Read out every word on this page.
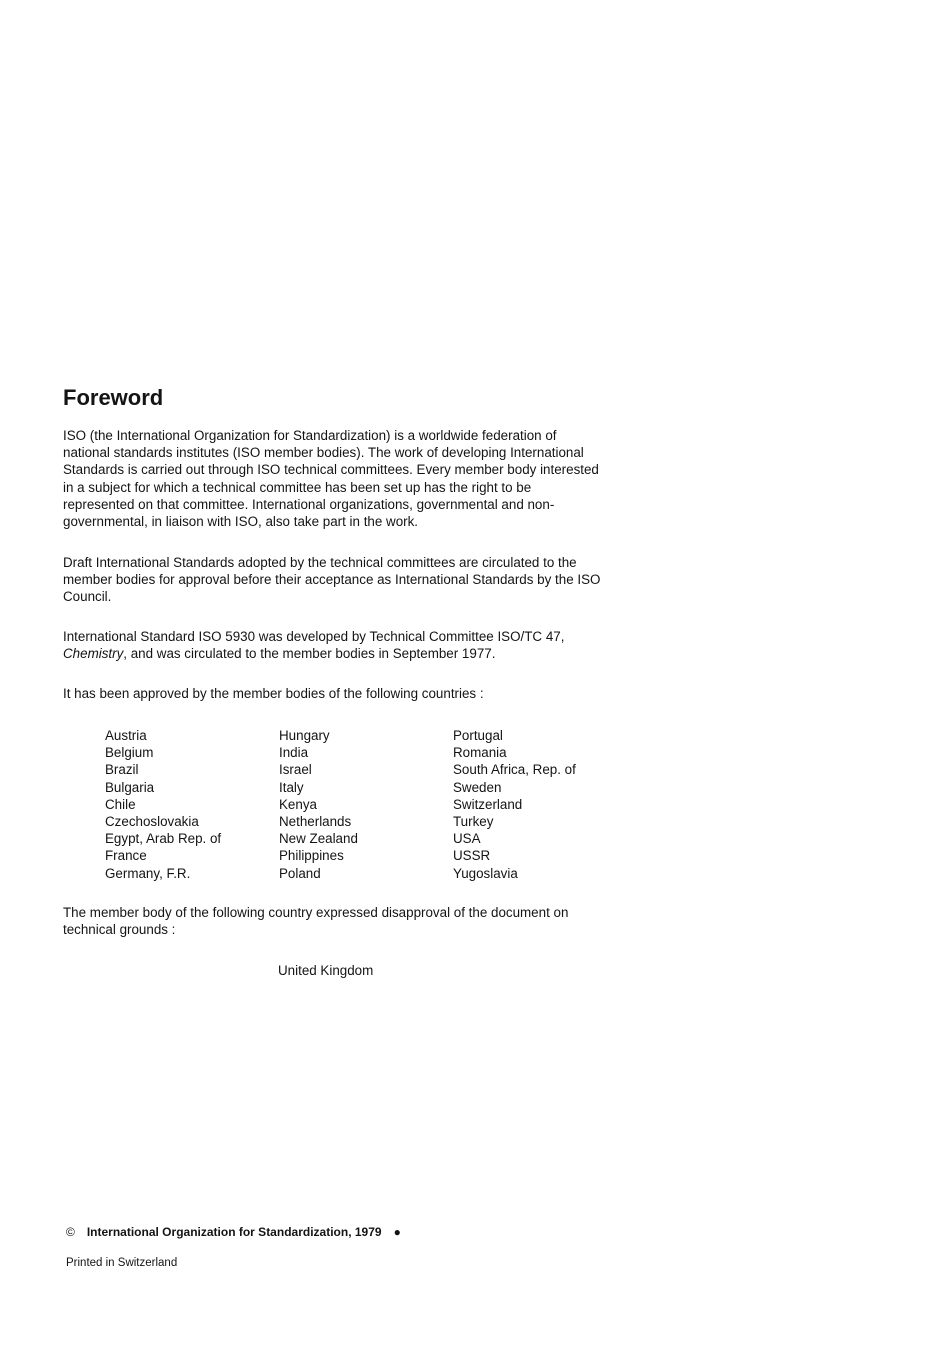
Foreword

ISO (the International Organization for Standardization) is a worldwide federation of national standards institutes (ISO member bodies). The work of developing International Standards is carried out through ISO technical committees. Every member body interested in a subject for which a technical committee has been set up has the right to be represented on that committee. International organizations, governmental and non-governmental, in liaison with ISO, also take part in the work.

Draft International Standards adopted by the technical committees are circulated to the member bodies for approval before their acceptance as International Standards by the ISO Council.

International Standard ISO 5930 was developed by Technical Committee ISO/TC 47,
Chemistry, and was circulated to the member bodies in September 1977.

It has been approved by the member bodies of the following countries :

Austria
Belgium
Brazil
Bulgaria
Chile
Czechoslovakia
Egypt, Arab Rep. of
France
Germany, F.R.
Hungary
India
Israel
Italy
Kenya
Netherlands
New Zealand
Philippines
Poland
Portugal
Romania
South Africa, Rep. of
Sweden
Switzerland
Turkey
USA
USSR
Yugoslavia

The member body of the following country expressed disapproval of the document on technical grounds :

United Kingdom

© International Organization for Standardization, 1979 ●

Printed in Switzerland
